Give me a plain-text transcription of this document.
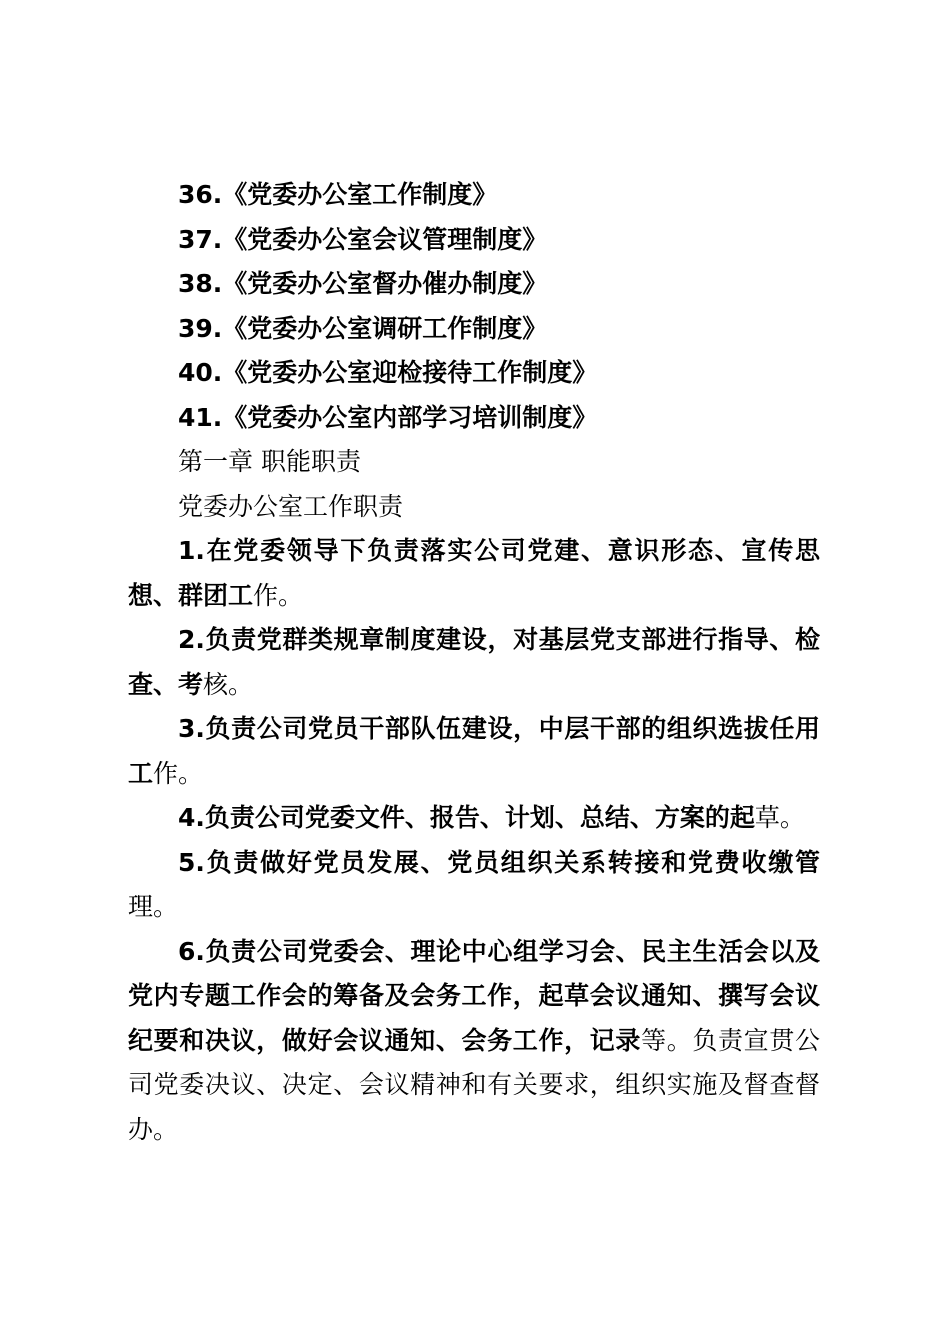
36.《党委办公室工作制度》
37.《党委办公室会议管理制度》
38.《党委办公室督办催办制度》
39.《党委办公室调研工作制度》
40.《党委办公室迎检接待工作制度》
41.《党委办公室内部学习培训制度》
第一章 职能职责
党委办公室工作职责
1.在党委领导下负责落实公司党建、意识形态、宣传思想、群团工作。
2.负责党群类规章制度建设，对基层党支部进行指导、检查、考核。
3.负责公司党员干部队伍建设，中层干部的组织选拔任用工作。
4.负责公司党委文件、报告、计划、总结、方案的起草。
5.负责做好党员发展、党员组织关系转接和党费收缴管理。
6.负责公司党委会、理论中心组学习会、民主生活会以及党内专题工作会的筹备及会务工作，起草会议通知、撰写会议纪要和决议，做好会议通知、会务工作，记录等。负责宣贯公司党委决议、决定、会议精神和有关要求，组织实施及督查督办。
